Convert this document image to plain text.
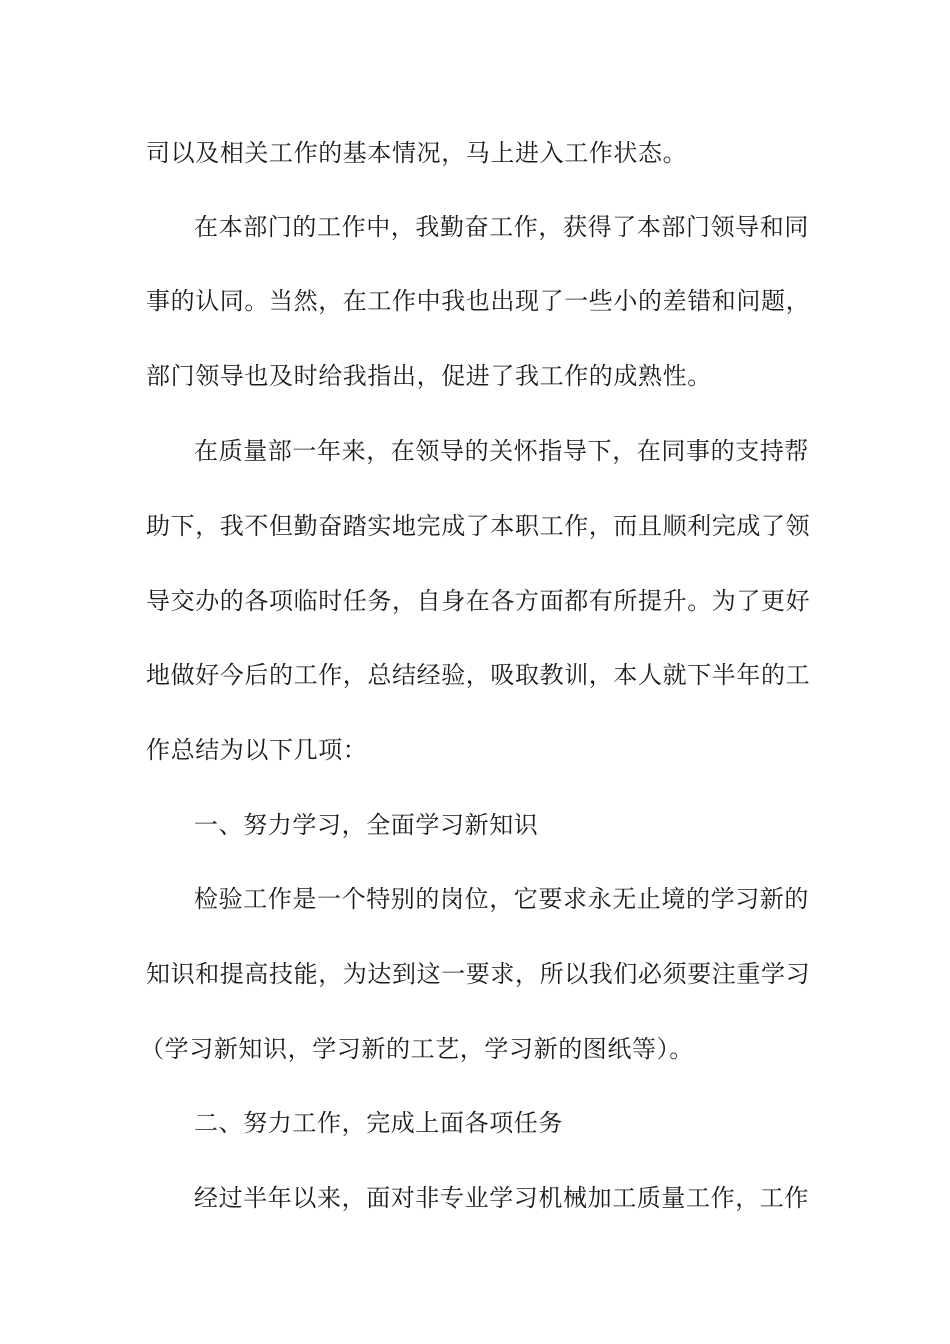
司以及相关工作的基本情况，马上进入工作状态。
在本部门的工作中，我勤奋工作，获得了本部门领导和同
事的认同。当然，在工作中我也出现了一些小的差错和问题，
部门领导也及时给我指出，促进了我工作的成熟性。
在质量部一年来，在领导的关怀指导下，在同事的支持帮
助下，我不但勤奋踏实地完成了本职工作，而且顺利完成了领
导交办的各项临时任务，自身在各方面都有所提升。为了更好
地做好今后的工作，总结经验，吸取教训，本人就下半年的工
作总结为以下几项：
一、努力学习，全面学习新知识
检验工作是一个特别的岗位，它要求永无止境的学习新的
知识和提高技能，为达到这一要求，所以我们必须要注重学习
（学习新知识，学习新的工艺，学习新的图纸等）。
二、努力工作，完成上面各项任务
经过半年以来，面对非专业学习机械加工质量工作，工作
